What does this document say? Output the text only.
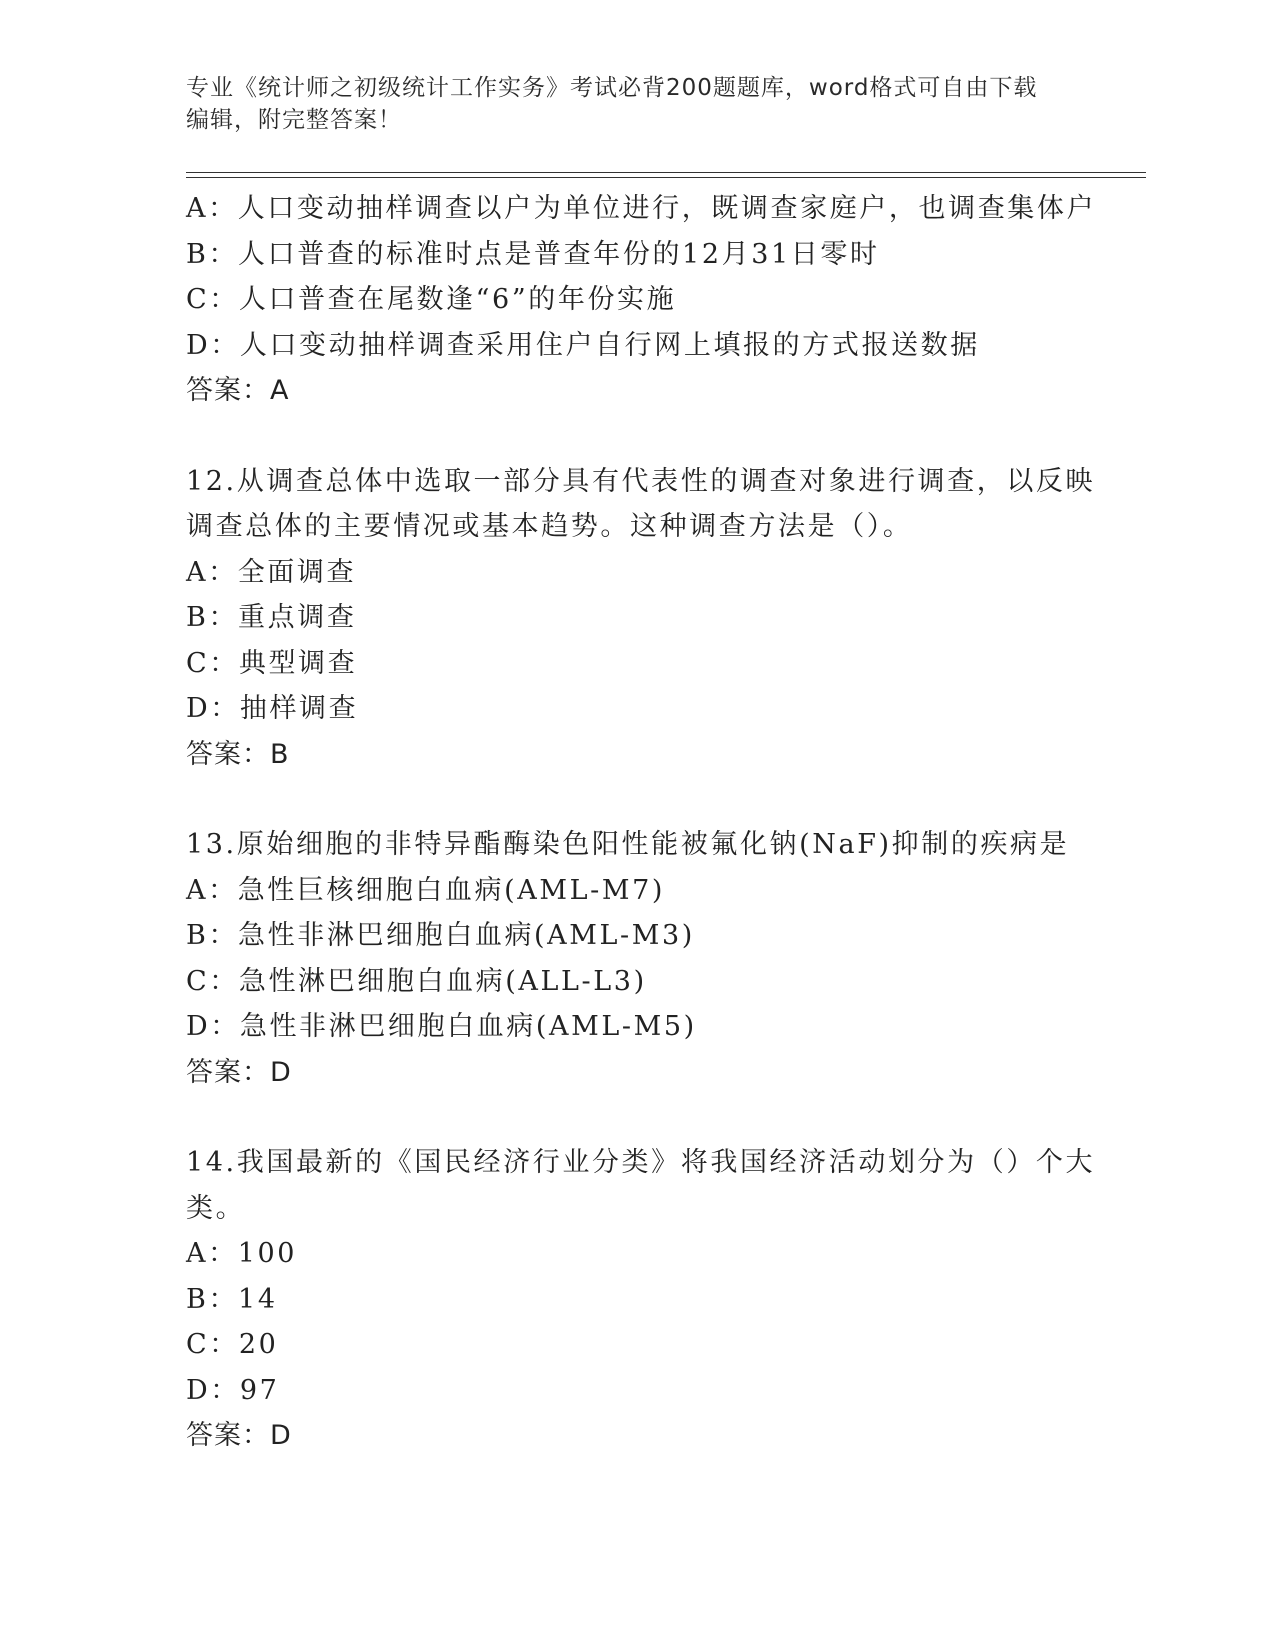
专业《统计师之初级统计工作实务》考试必背200题题库，word格式可自由下载
编辑，附完整答案！
A：人口变动抽样调查以户为单位进行，既调查家庭户，也调查集体户
B：人口普查的标准时点是普查年份的12月31日零时
C：人口普查在尾数逢“6”的年份实施
D：人口变动抽样调查采用住户自行网上填报的方式报送数据
答案：A
12.从调查总体中选取一部分具有代表性的调查对象进行调查，以反映
调查总体的主要情况或基本趋势。这种调查方法是（）。
A：全面调查
B：重点调查
C：典型调查
D：抽样调查
答案：B
13.原始细胞的非特异酯酶染色阳性能被氟化钠(NaF)抑制的疾病是
A：急性巨核细胞白血病(AML-M7)
B：急性非淋巴细胞白血病(AML-M3)
C：急性淋巴细胞白血病(ALL-L3)
D：急性非淋巴细胞白血病(AML-M5)
答案：D
14.我国最新的《国民经济行业分类》将我国经济活动划分为（）个大
类。
A：100
B：14
C：20
D：97
答案：D
